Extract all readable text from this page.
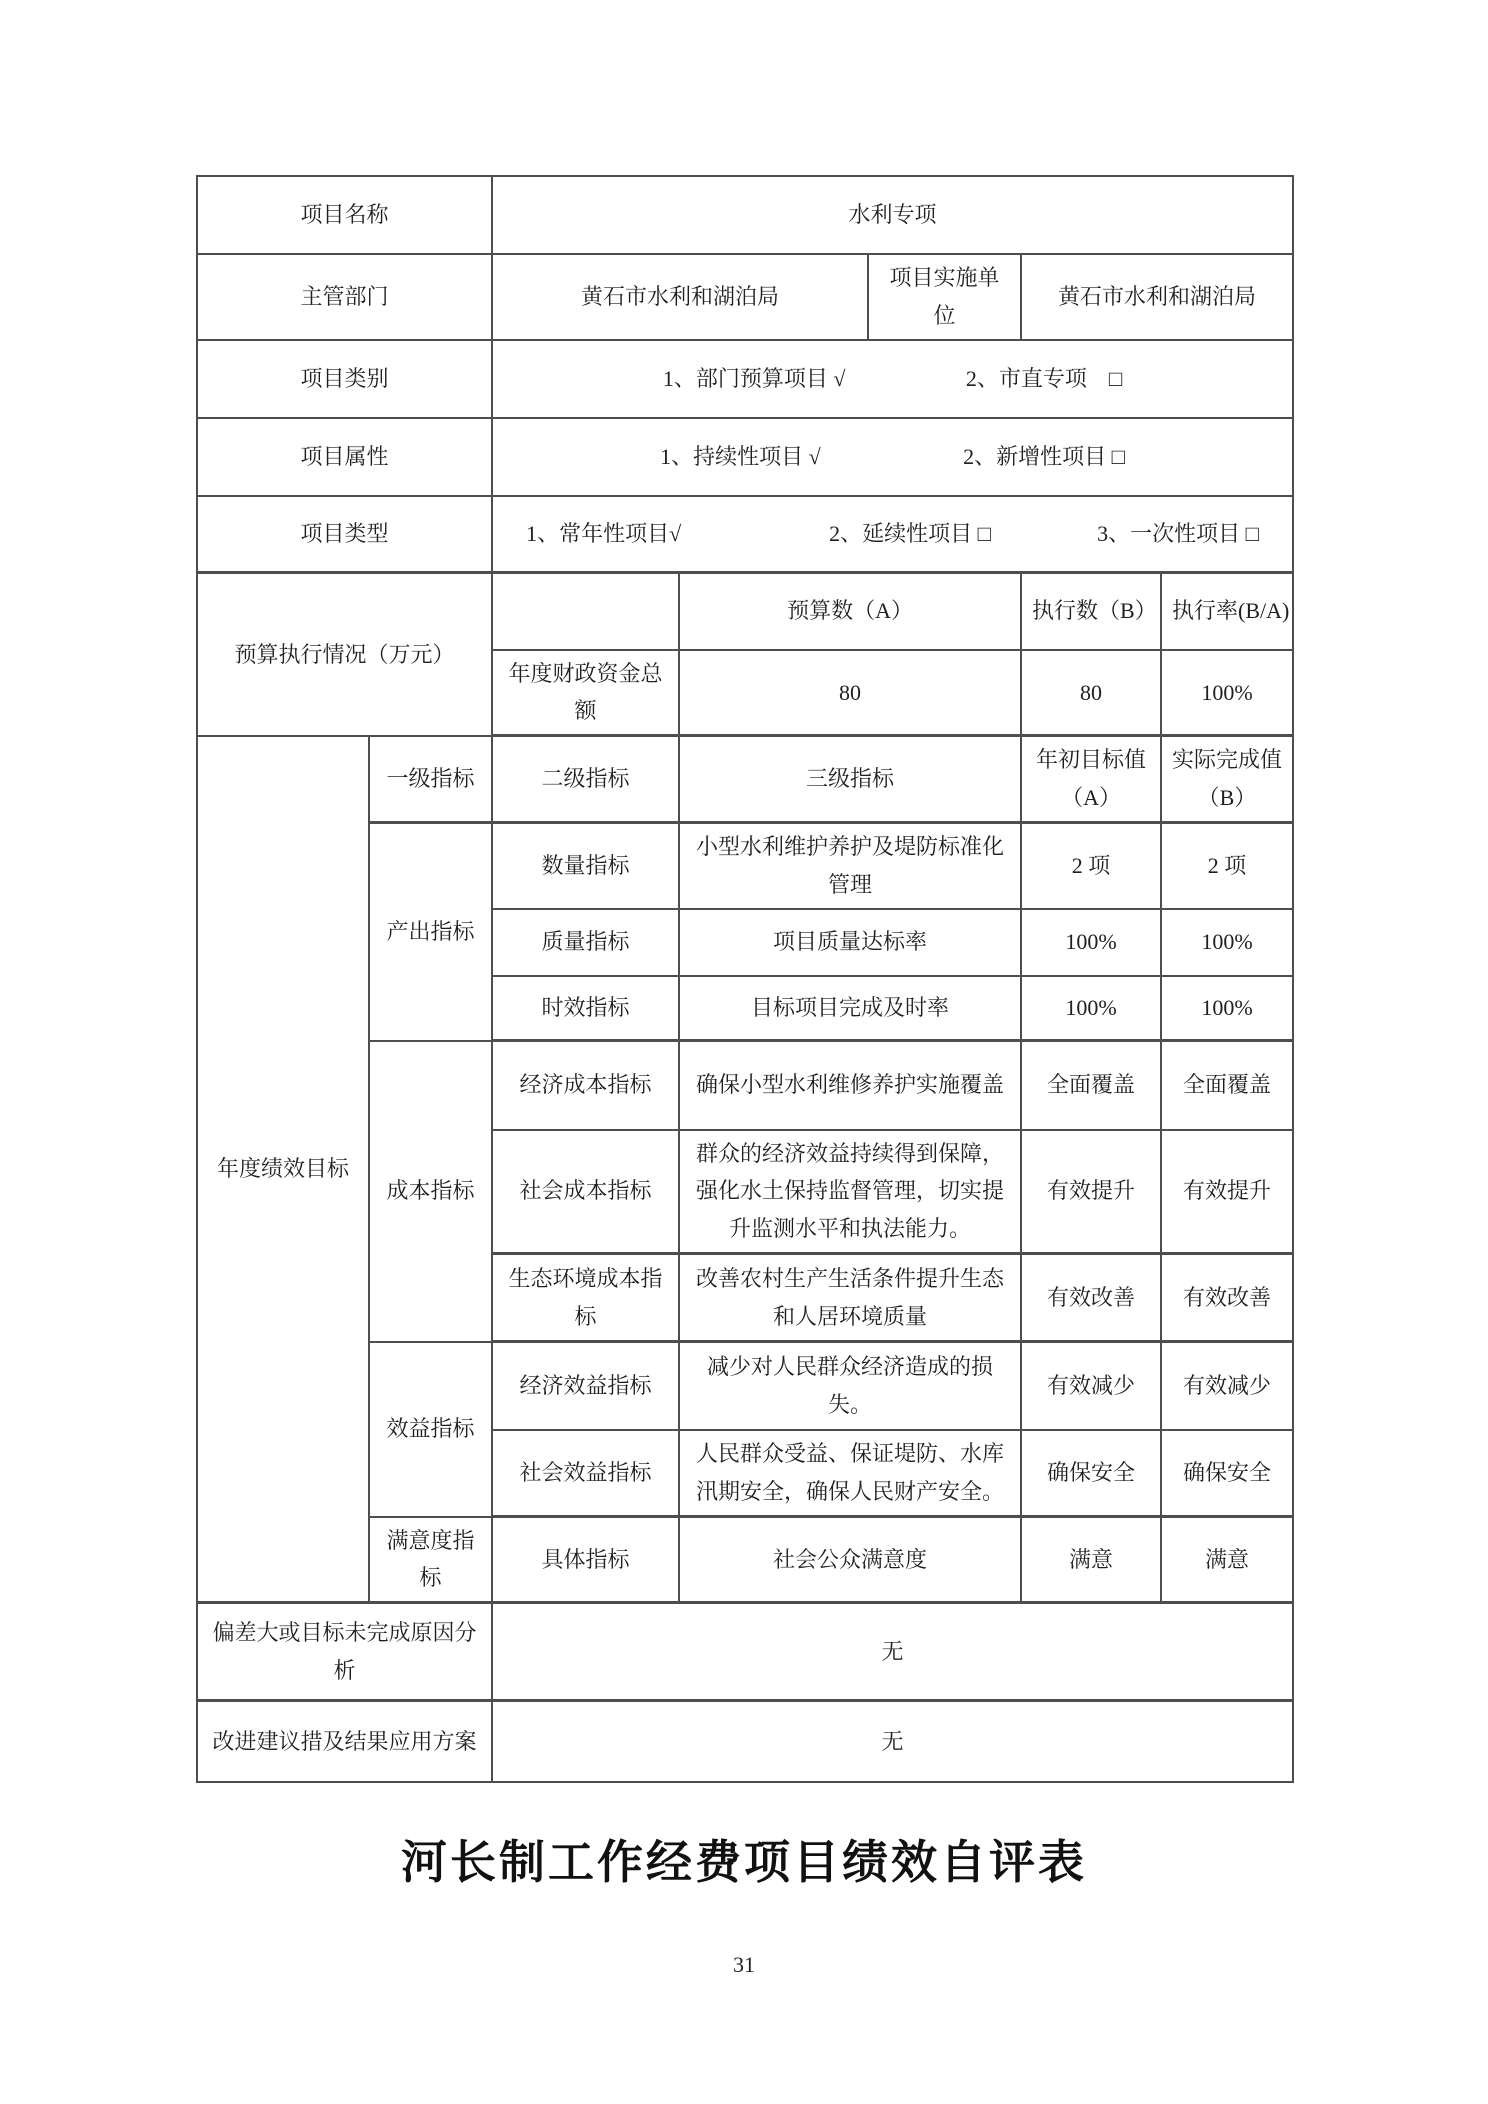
项目名称		水利专项				
主管部门		黄石市水利和湖泊局		项目实施单位	黄石市水利和湖泊局	
项目类别		1、部门预算项目 √ 2、市直专项　□				
项目属性		1、持续性项目 √ 2、新增性项目 □				
项目类型		1、常年性项目√ 2、延续性项目 □ 3、一次性项目 □				
预算执行情况（万元）			预算数（A）		执行数（B）	执行率(B/A)
		年度财政资金总额	80		80	100%
年度绩效目标	一级指标	二级指标	三级指标		年初目标值（A）	实际完成值（B）
	产出指标	数量指标	小型水利维护养护及堤防标准化管理		2 项	2 项
		质量指标	项目质量达标率		100%	100%
		时效指标	目标项目完成及时率		100%	100%
	成本指标	经济成本指标	确保小型水利维修养护实施覆盖		全面覆盖	全面覆盖
		社会成本指标	群众的经济效益持续得到保障，强化水土保持监督管理，切实提升监测水平和执法能力。		有效提升	有效提升
		生态环境成本指标	改善农村生产生活条件提升生态和人居环境质量		有效改善	有效改善
	效益指标	经济效益指标	减少对人民群众经济造成的损失。		有效减少	有效减少
		社会效益指标	人民群众受益、保证堤防、水库汛期安全，确保人民财产安全。		确保安全	确保安全
	满意度指标	具体指标	社会公众满意度		满意	满意
偏差大或目标未完成原因分析		无				
改进建议措及结果应用方案		无				
河长制工作经费项目绩效自评表
31
